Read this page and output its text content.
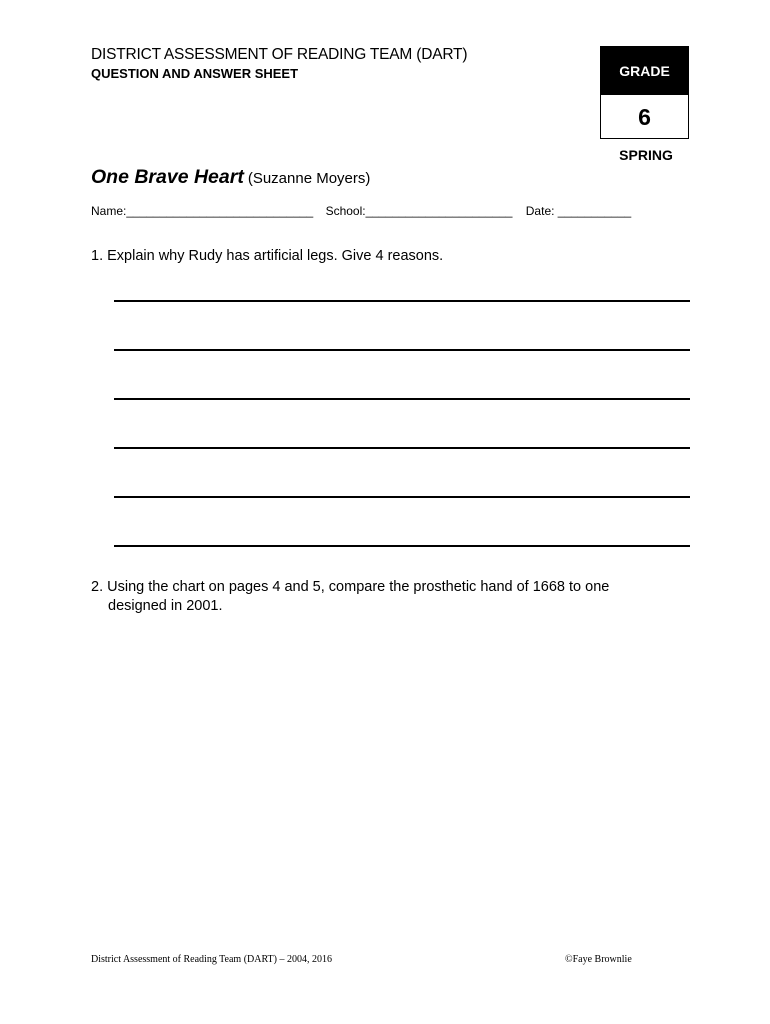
DISTRICT ASSESSMENT OF READING TEAM (DART)
QUESTION AND ANSWER SHEET	GRADE
6
SPRING
One Brave Heart (Suzanne Moyers)
Name:____________________________ School:______________________ Date: ___________
1. Explain why Rudy has artificial legs. Give 4 reasons.
2. Using the chart on pages 4 and 5, compare the prosthetic hand of 1668 to one
designed in 2001.
District Assessment of Reading Team (DART) – 2004, 2016	©Faye Brownlie
